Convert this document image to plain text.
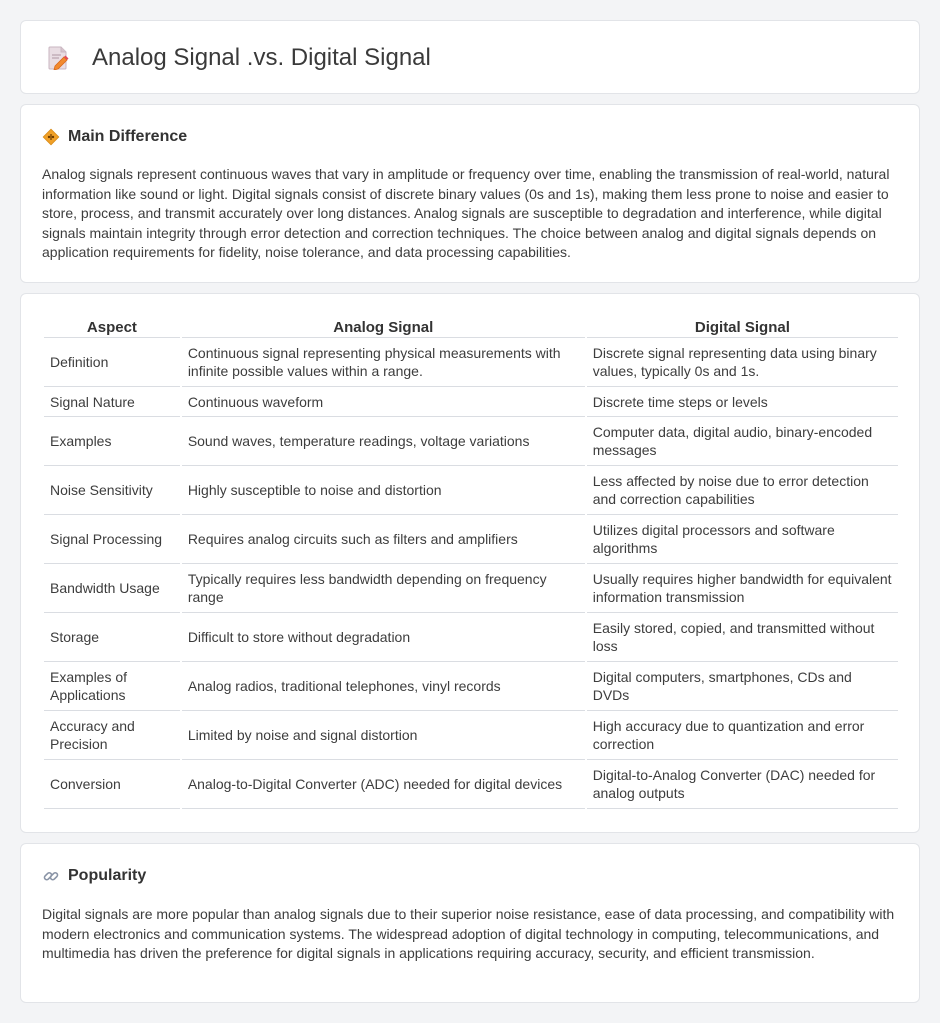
Analog Signal .vs. Digital Signal
Main Difference

Analog signals represent continuous waves that vary in amplitude or frequency over time, enabling the transmission of real-world, natural information like sound or light. Digital signals consist of discrete binary values (0s and 1s), making them less prone to noise and easier to store, process, and transmit accurately over long distances. Analog signals are susceptible to degradation and interference, while digital signals maintain integrity through error detection and correction techniques. The choice between analog and digital signals depends on application requirements for fidelity, noise tolerance, and data processing capabilities.

Aspect	Analog Signal	Digital Signal
Definition	Continuous signal representing physical measurements with infinite possible values within a range.	Discrete signal representing data using binary values, typically 0s and 1s.
Signal Nature	Continuous waveform	Discrete time steps or levels
Examples	Sound waves, temperature readings, voltage variations	Computer data, digital audio, binary-encoded messages
Noise Sensitivity	Highly susceptible to noise and distortion	Less affected by noise due to error detection and correction capabilities
Signal Processing	Requires analog circuits such as filters and amplifiers	Utilizes digital processors and software algorithms
Bandwidth Usage	Typically requires less bandwidth depending on frequency range	Usually requires higher bandwidth for equivalent information transmission
Storage	Difficult to store without degradation	Easily stored, copied, and transmitted without loss
Examples of Applications	Analog radios, traditional telephones, vinyl records	Digital computers, smartphones, CDs and DVDs
Accuracy and Precision	Limited by noise and signal distortion	High accuracy due to quantization and error correction
Conversion	Analog-to-Digital Converter (ADC) needed for digital devices	Digital-to-Analog Converter (DAC) needed for analog outputs
Popularity

Digital signals are more popular than analog signals due to their superior noise resistance, ease of data processing, and compatibility with modern electronics and communication systems. The widespread adoption of digital technology in computing, telecommunications, and multimedia has driven the preference for digital signals in applications requiring accuracy, security, and efficient transmission.
